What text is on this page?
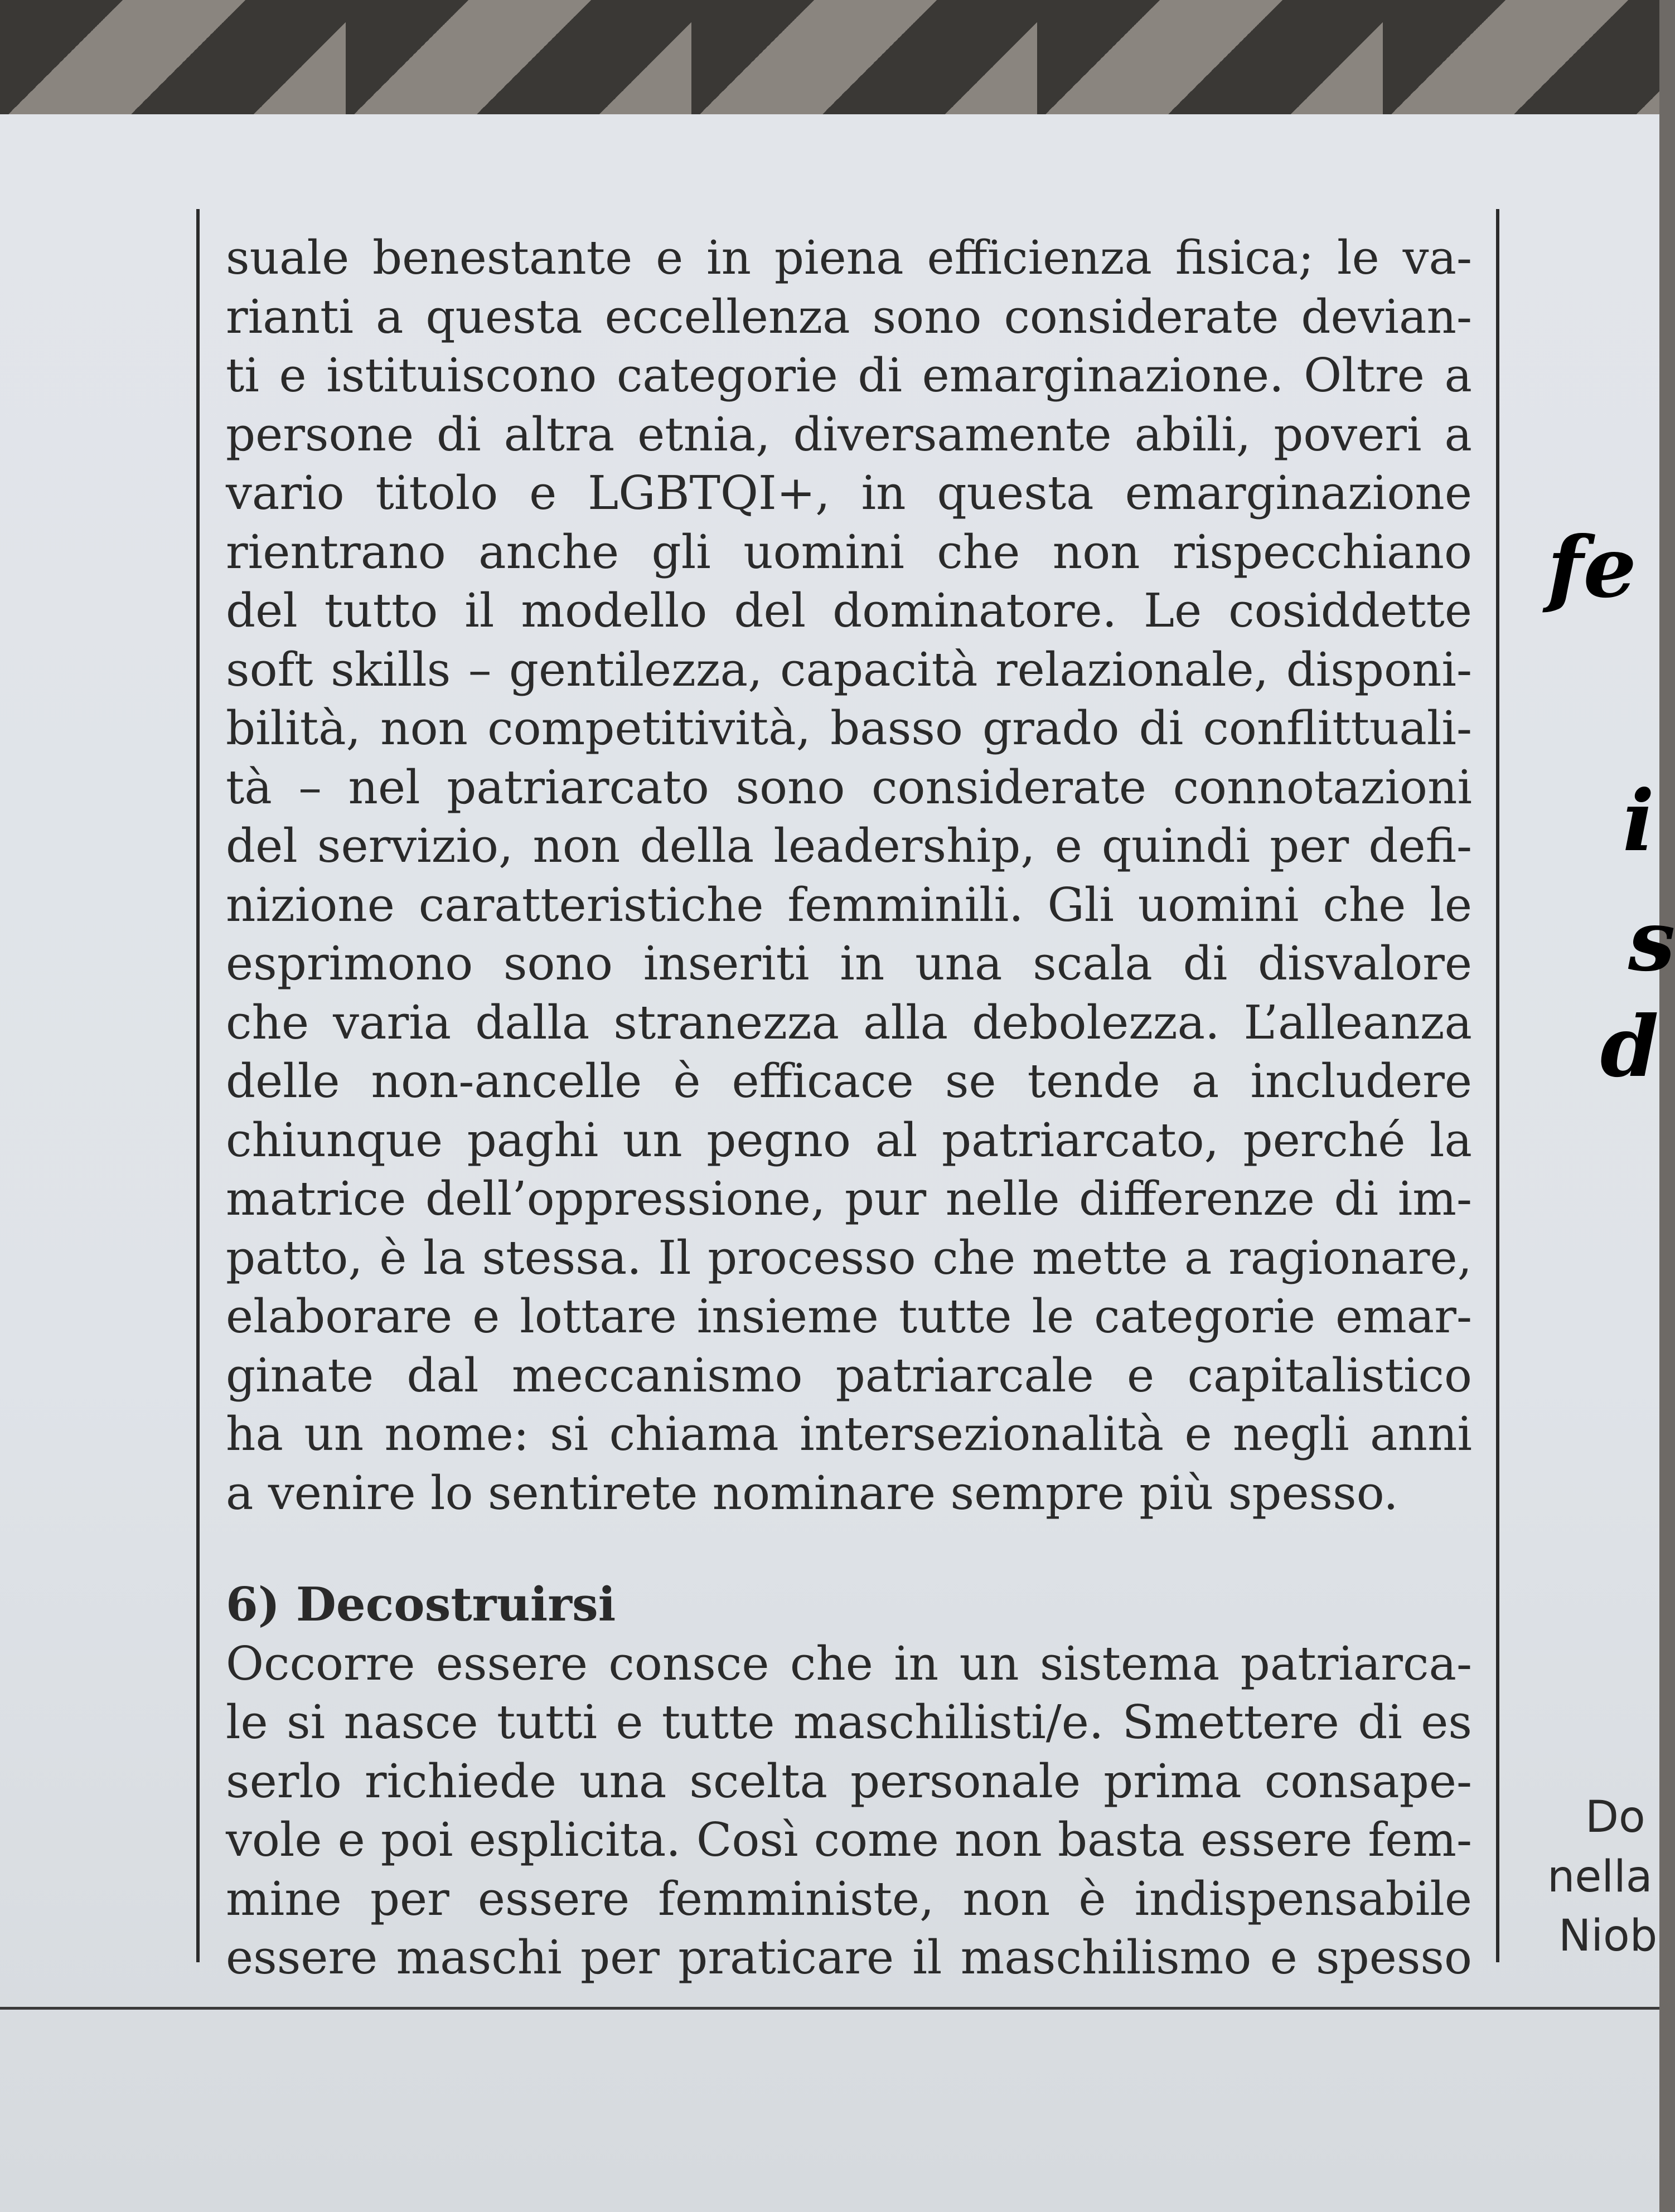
suale benestante e in piena efficienza fisica; le va-
rianti a questa eccellenza sono considerate devian-
ti e istituiscono categorie di emarginazione. Oltre a
persone di altra etnia, diversamente abili, poveri a
vario titolo e LGBTQI+, in questa emarginazione
rientrano anche gli uomini che non rispecchiano
del tutto il modello del dominatore. Le cosiddette
soft skills – gentilezza, capacità relazionale, disponi-
bilità, non competitività, basso grado di conflittuali-
tà – nel patriarcato sono considerate connotazioni
del servizio, non della leadership, e quindi per defi-
nizione caratteristiche femminili. Gli uomini che le
esprimono sono inseriti in una scala di disvalore
che varia dalla stranezza alla debolezza. L’alleanza
delle non-ancelle è efficace se tende a includere
chiunque paghi un pegno al patriarcato, perché la
matrice dell’oppressione, pur nelle differenze di im-
patto, è la stessa. Il processo che mette a ragionare,
elaborare e lottare insieme tutte le categorie emar-
ginate dal meccanismo patriarcale e capitalistico
ha un nome: si chiama intersezionalità e negli anni
a venire lo sentirete nominare sempre più spesso.
6) Decostruirsi
Occorre essere consce che in un sistema patriarca-
le si nasce tutti e tutte maschilisti/e. Smettere di es
serlo richiede una scelta personale prima consape-
vole e poi esplicita. Così come non basta essere fem-
mine per essere femministe, non è indispensabile
essere maschi per praticare il maschilismo e spesso
fe
i
s
d
Do
nella
Niob
